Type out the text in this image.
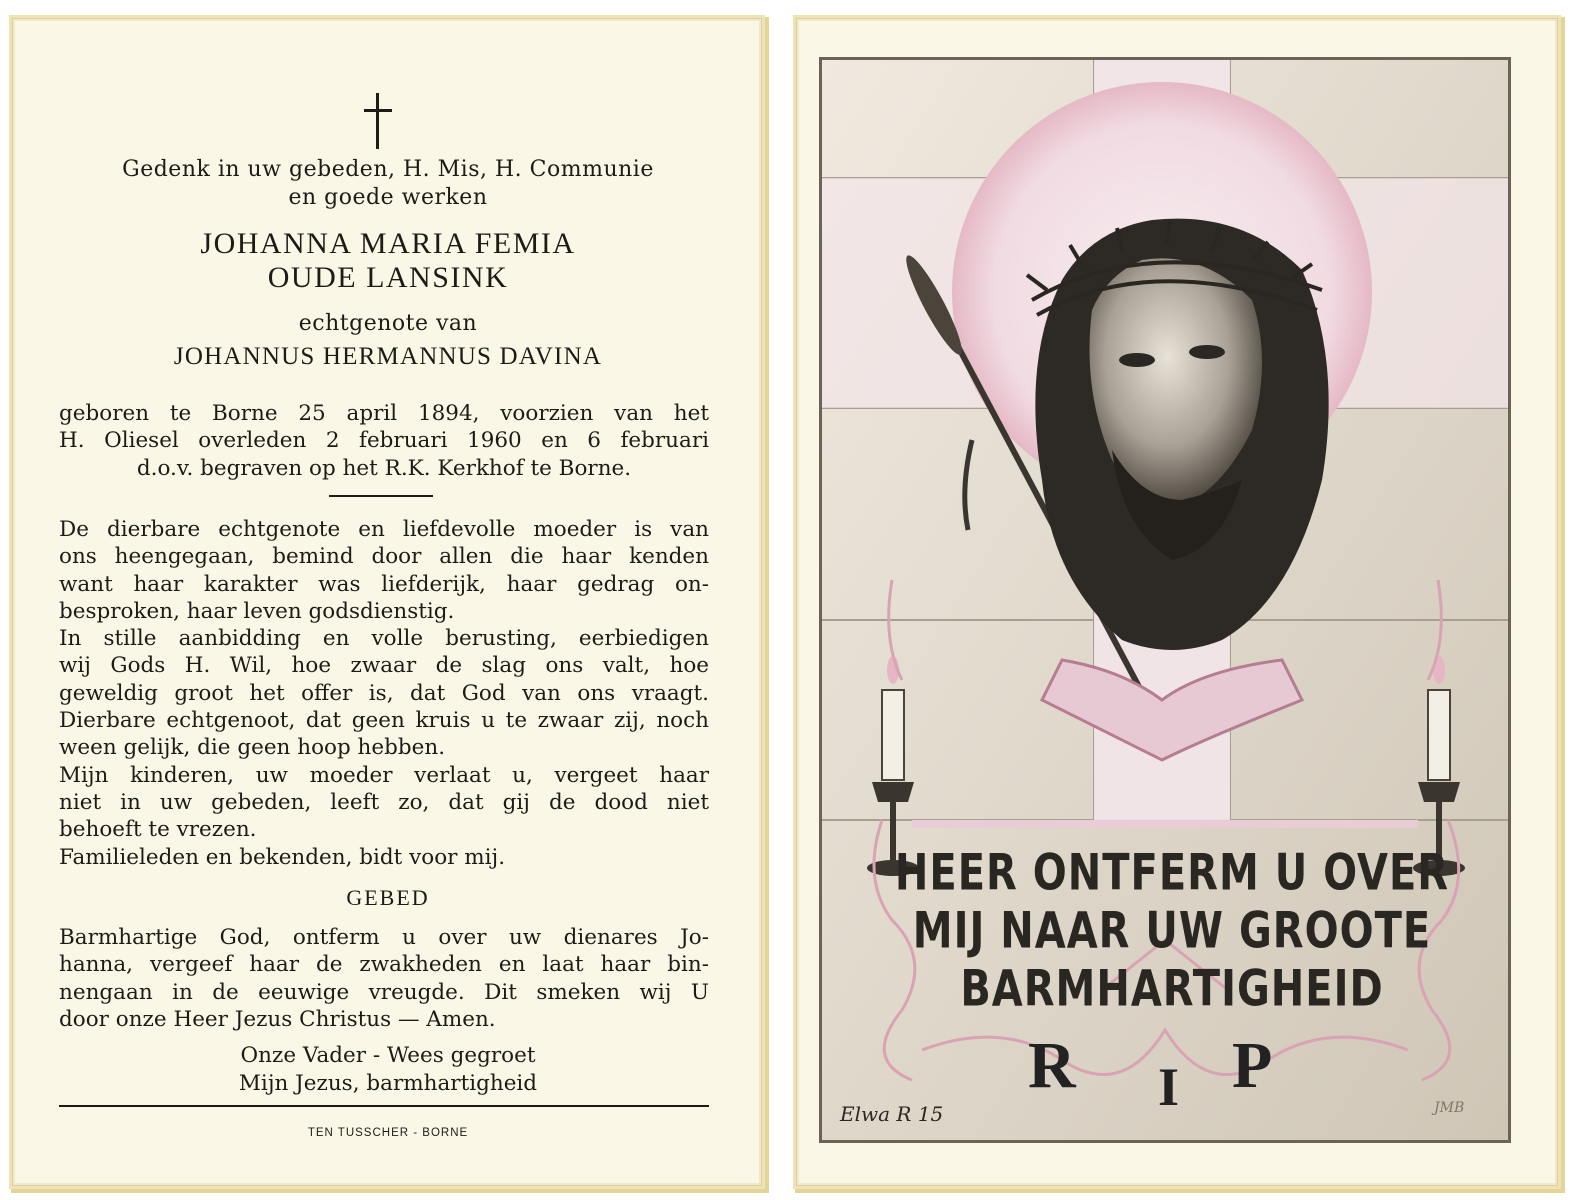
Gedenk in uw gebeden, H. Mis, H. Communie
en goede werken
JOHANNA MARIA FEMIA
OUDE LANSINK
echtgenote van
JOHANNUS HERMANNUS DAVINA
geboren te Borne 25 april 1894, voorzien van het
H. Oliesel overleden 2 februari 1960 en 6 februari
d.o.v. begraven op het R.K. Kerkhof te Borne.
De dierbare echtgenote en liefdevolle moeder is van
ons heengegaan, bemind door allen die haar kenden
want haar karakter was liefderijk, haar gedrag on-
besproken, haar leven godsdienstig.
In stille aanbidding en volle berusting, eerbiedigen
wij Gods H. Wil, hoe zwaar de slag ons valt, hoe
geweldig groot het offer is, dat God van ons vraagt.
Dierbare echtgenoot, dat geen kruis u te zwaar zij, noch
ween gelijk, die geen hoop hebben.
Mijn kinderen, uw moeder verlaat u, vergeet haar
niet in uw gebeden, leeft zo, dat gij de dood niet
behoeft te vrezen.
Familieleden en bekenden, bidt voor mij.
GEBED
Barmhartige God, ontferm u over uw dienares Jo-
hanna, vergeef haar de zwakheden en laat haar bin-
nengaan in de eeuwige vreugde. Dit smeken wij U
door onze Heer Jezus Christus — Amen.
Onze Vader - Wees gegroet
Mijn Jezus, barmhartigheid
TEN TUSSCHER - BORNE
HEER ONTFERM U OVER
MIJ NAAR UW GROOTE
BARMHARTIGHEID
R I P
Elwa R 15	JMB
